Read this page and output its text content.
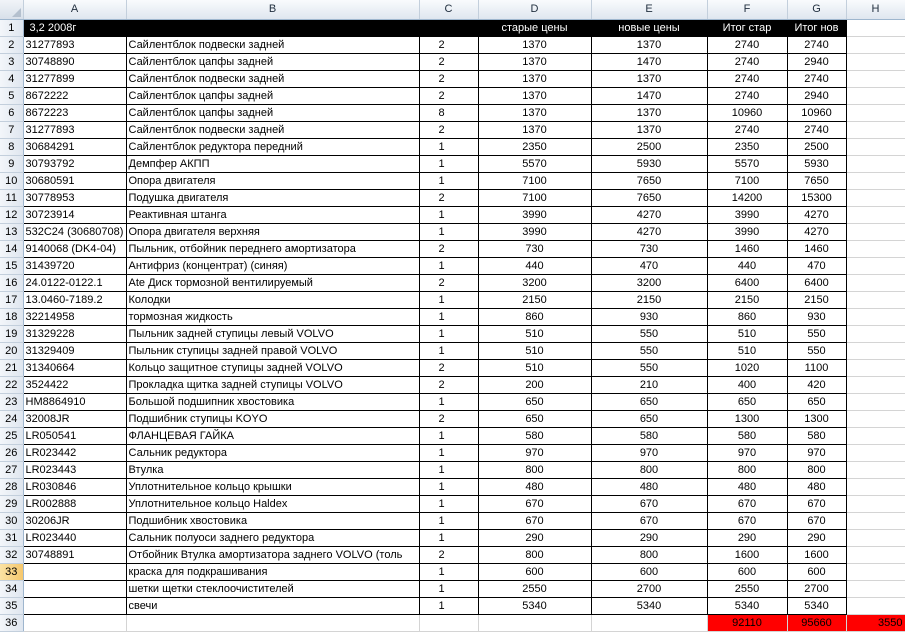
	A	B	C	D	E	F	G	H
1	3,2 2008г			старые цены	новые цены	Итог стар	Итог нов	
2	31277893	Сайлентблок подвески задней	2	1370	1370	2740	2740	
3	30748890	Сайлентблок цапфы задней	2	1370	1470	2740	2940	
4	31277899	Сайлентблок подвески задней	2	1370	1370	2740	2740	
5	8672222	Сайлентблок цапфы задней	2	1370	1470	2740	2940	
6	8672223	Сайлентблок цапфы задней	8	1370	1370	10960	10960	
7	31277893	Сайлентблок подвески задней	2	1370	1370	2740	2740	
8	30684291	Сайлентблок редуктора передний	1	2350	2500	2350	2500	
9	30793792	Демпфер АКПП	1	5570	5930	5570	5930	
10	30680591	Опора двигателя	1	7100	7650	7100	7650	
11	30778953	Подушка двигателя	2	7100	7650	14200	15300	
12	30723914	Реактивная штанга	1	3990	4270	3990	4270	
13	532C24 (30680708)	Опора двигателя верхняя	1	3990	4270	3990	4270	
14	9140068 (DK4-04)	Пыльник, отбойник переднего амортизатора	2	730	730	1460	1460	
15	31439720	Антифриз (концентрат) (синяя)	1	440	470	440	470	
16	24.0122-0122.1	Ate Диск тормозной вентилируемый	2	3200	3200	6400	6400	
17	13.0460-7189.2	Колодки	1	2150	2150	2150	2150	
18	32214958	тормозная жидкость	1	860	930	860	930	
19	31329228	Пыльник задней ступицы левый VOLVO	1	510	550	510	550	
20	31329409	Пыльник ступицы задней правой VOLVO	1	510	550	510	550	
21	31340664	Кольцо защитное ступицы задней VOLVO	2	510	550	1020	1100	
22	3524422	Прокладка щитка задней ступицы VOLVO	2	200	210	400	420	
23	HM8864910	Большой подшипник хвостовика	1	650	650	650	650	
24	32008JR	Подшибник ступицы KOYO	2	650	650	1300	1300	
25	LR050541	ФЛАНЦЕВАЯ ГАЙКА	1	580	580	580	580	
26	LR023442	Сальник редуктора	1	970	970	970	970	
27	LR023443	Втулка	1	800	800	800	800	
28	LR030846	Уплотнительное кольцо крышки	1	480	480	480	480	
29	LR002888	Уплотнительное кольцо Haldex	1	670	670	670	670	
30	30206JR	Подшибник хвостовика	1	670	670	670	670	
31	LR023440	Сальник полуоси заднего редуктора	1	290	290	290	290	
32	30748891	Отбойник Втулка амортизатора заднего VOLVO (толь	2	800	800	1600	1600	
33		краска для подкрашивания	1	600	600	600	600	
34		шетки щетки стеклоочистителей	1	2550	2700	2550	2700	
35		свечи	1	5340	5340	5340	5340	
36						92110	95660	3550
